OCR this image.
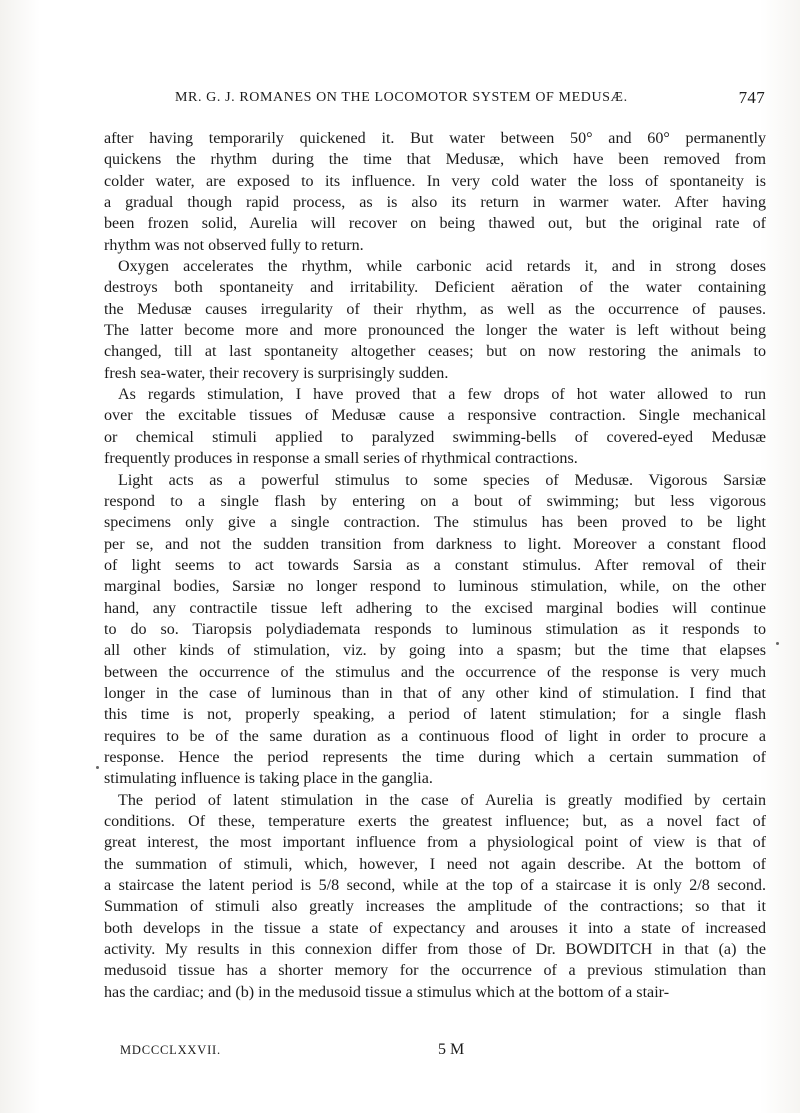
MR. G. J. ROMANES ON THE LOCOMOTOR SYSTEM OF MEDUSÆ.	747
after having temporarily quickened it. But water between 50° and 60° permanently
quickens the rhythm during the time that Medusæ, which have been removed from
colder water, are exposed to its influence. In very cold water the loss of spontaneity is
a gradual though rapid process, as is also its return in warmer water. After having
been frozen solid, Aurelia will recover on being thawed out, but the original rate of
rhythm was not observed fully to return.
Oxygen accelerates the rhythm, while carbonic acid retards it, and in strong doses
destroys both spontaneity and irritability. Deficient aëration of the water containing
the Medusæ causes irregularity of their rhythm, as well as the occurrence of pauses.
The latter become more and more pronounced the longer the water is left without being
changed, till at last spontaneity altogether ceases; but on now restoring the animals to
fresh sea-water, their recovery is surprisingly sudden.
As regards stimulation, I have proved that a few drops of hot water allowed to run
over the excitable tissues of Medusæ cause a responsive contraction. Single mechanical
or chemical stimuli applied to paralyzed swimming-bells of covered-eyed Medusæ
frequently produces in response a small series of rhythmical contractions.
Light acts as a powerful stimulus to some species of Medusæ. Vigorous Sarsiæ
respond to a single flash by entering on a bout of swimming; but less vigorous
specimens only give a single contraction. The stimulus has been proved to be light
per se, and not the sudden transition from darkness to light. Moreover a constant flood
of light seems to act towards Sarsia as a constant stimulus. After removal of their
marginal bodies, Sarsiæ no longer respond to luminous stimulation, while, on the other
hand, any contractile tissue left adhering to the excised marginal bodies will continue
to do so. Tiaropsis polydiademata responds to luminous stimulation as it responds to
all other kinds of stimulation, viz. by going into a spasm; but the time that elapses
between the occurrence of the stimulus and the occurrence of the response is very much
longer in the case of luminous than in that of any other kind of stimulation. I find that
this time is not, properly speaking, a period of latent stimulation; for a single flash
requires to be of the same duration as a continuous flood of light in order to procure a
response. Hence the period represents the time during which a certain summation of
stimulating influence is taking place in the ganglia.
The period of latent stimulation in the case of Aurelia is greatly modified by certain
conditions. Of these, temperature exerts the greatest influence; but, as a novel fact of
great interest, the most important influence from a physiological point of view is that of
the summation of stimuli, which, however, I need not again describe. At the bottom of
a staircase the latent period is 5/8 second, while at the top of a staircase it is only 2/8 second.
Summation of stimuli also greatly increases the amplitude of the contractions; so that it
both develops in the tissue a state of expectancy and arouses it into a state of increased
activity. My results in this connexion differ from those of Dr. BOWDITCH in that (a) the
medusoid tissue has a shorter memory for the occurrence of a previous stimulation than
has the cardiac; and (b) in the medusoid tissue a stimulus which at the bottom of a stair-
MDCCCLXXVII.	5 M
